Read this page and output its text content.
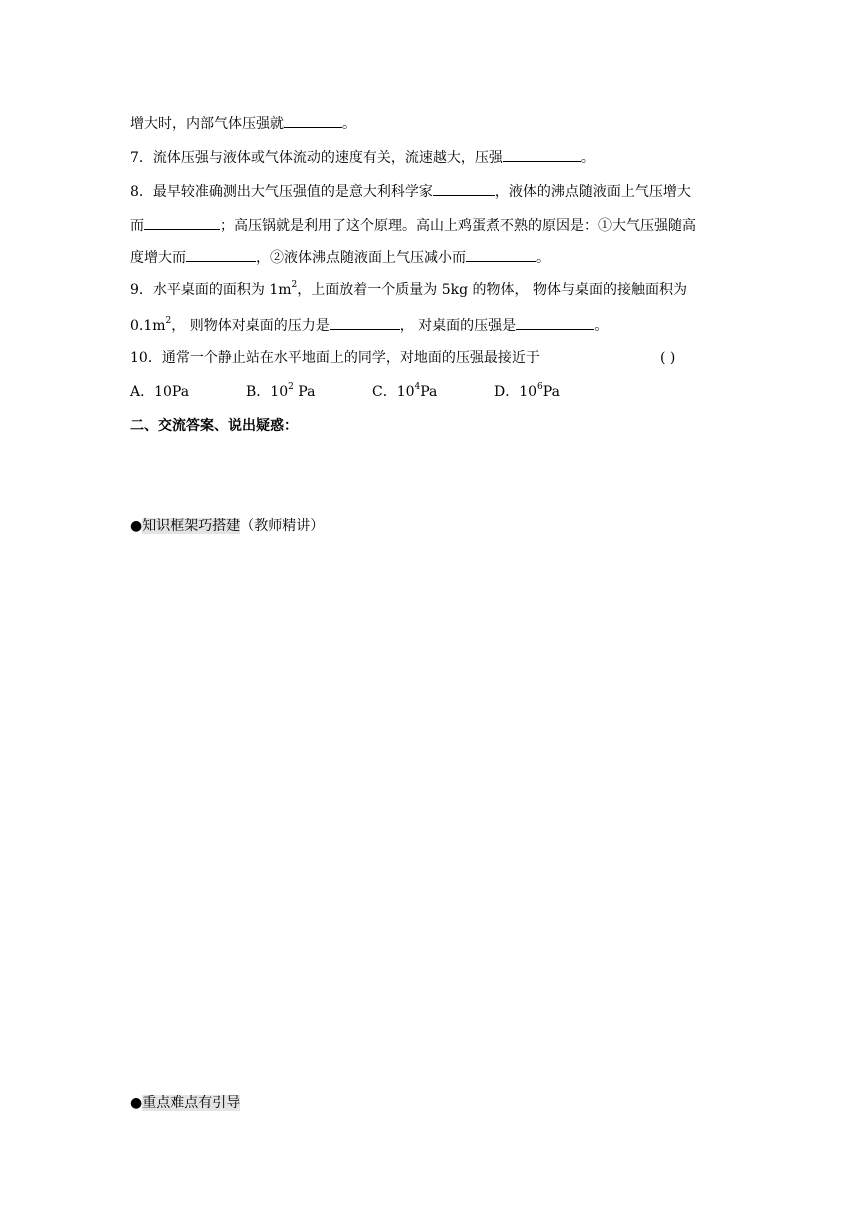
增大时，内部气体压强就	。
7．流体压强与液体或气体流动的速度有关，流速越大，压强	。
8．最早较准确测出大气压强值的是意大利科学家	，液体的沸点随液面上气压增大
而	；高压锅就是利用了这个原理。高山上鸡蛋煮不熟的原因是：①大气压强随高
度增大而	，②液体沸点随液面上气压减小而	。
9．水平桌面的面积为 $1m^2$，上面放着一个质量为 5kg 的物体， 物体与桌面的接触面积为
$0.1m^2$， 则物体对桌面的压力是	， 对桌面的压强是	。
10．通常一个静止站在水平地面上的同学，对地面的压强最接近于	( )
A．10Pa	B．$10^2$ Pa	C．$10^4Pa$	D．$10^6Pa$
二、交流答案、说出疑惑：
●知识框架巧搭建（教师精讲）
●重点难点有引导
